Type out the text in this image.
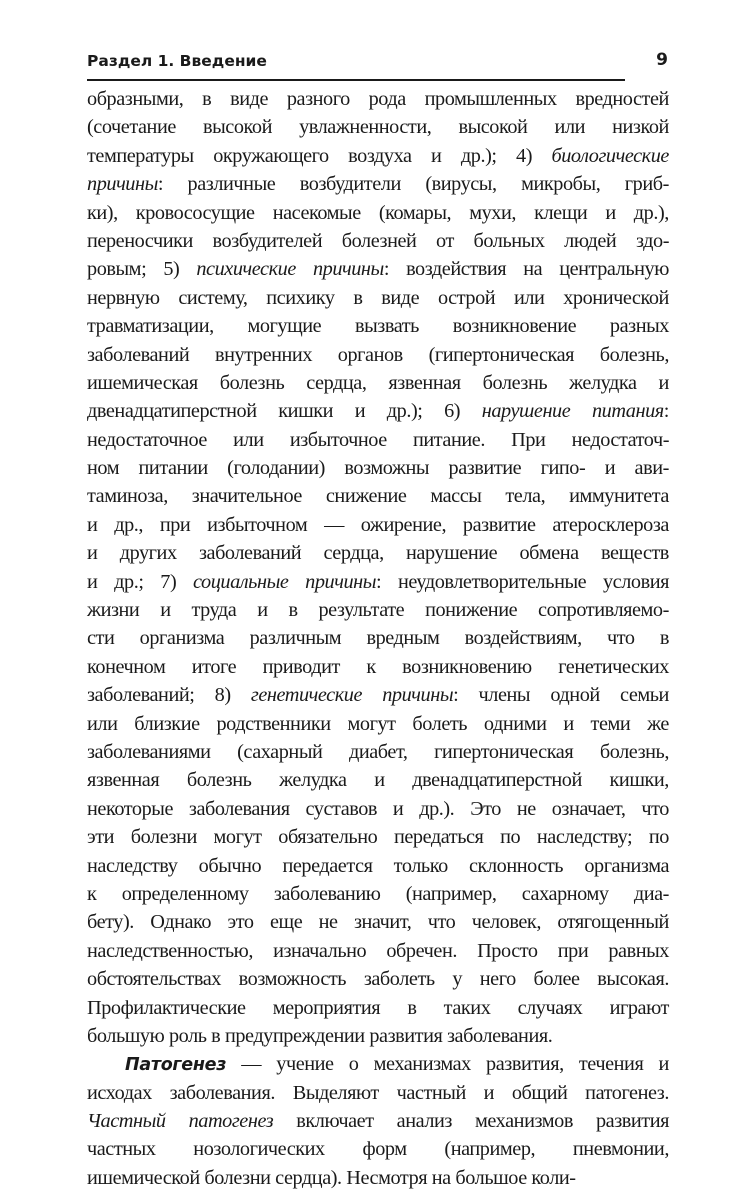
Раздел 1. Введение	9
образными, в виде разного рода промышленных вредностей
(сочетание высокой увлажненности, высокой или низкой
температуры окружающего воздуха и др.); 4) биологические
причины: различные возбудители (вирусы, микробы, гриб-
ки), кровососущие насекомые (комары, мухи, клещи и др.),
переносчики возбудителей болезней от больных людей здо-
ровым; 5) психические причины: воздействия на центральную
нервную систему, психику в виде острой или хронической
травматизации, могущие вызвать возникновение разных
заболеваний внутренних органов (гипертоническая болезнь,
ишемическая болезнь сердца, язвенная болезнь желудка и
двенадцатиперстной кишки и др.); 6) нарушение питания:
недостаточное или избыточное питание. При недостаточ-
ном питании (голодании) возможны развитие гипо- и ави-
таминоза, значительное снижение массы тела, иммунитета
и др., при избыточном — ожирение, развитие атеросклероза
и других заболеваний сердца, нарушение обмена веществ
и др.; 7) социальные причины: неудовлетворительные условия
жизни и труда и в результате понижение сопротивляемо-
сти организма различным вредным воздействиям, что в
конечном итоге приводит к возникновению генетических
заболеваний; 8) генетические причины: члены одной семьи
или близкие родственники могут болеть одними и теми же
заболеваниями (сахарный диабет, гипертоническая болезнь,
язвенная болезнь желудка и двенадцатиперстной кишки,
некоторые заболевания суставов и др.). Это не означает, что
эти болезни могут обязательно передаться по наследству; по
наследству обычно передается только склонность организма
к определенному заболеванию (например, сахарному диа-
бету). Однако это еще не значит, что человек, отягощенный
наследственностью, изначально обречен. Просто при равных
обстоятельствах возможность заболеть у него более высокая.
Профилактические мероприятия в таких случаях играют
большую роль в предупреждении развития заболевания.
Патогенез — учение о механизмах развития, течения и
исходах заболевания. Выделяют частный и общий патогенез.
Частный патогенез включает анализ механизмов развития
частных нозологических форм (например, пневмонии,
ишемической болезни сердца). Несмотря на большое коли-
